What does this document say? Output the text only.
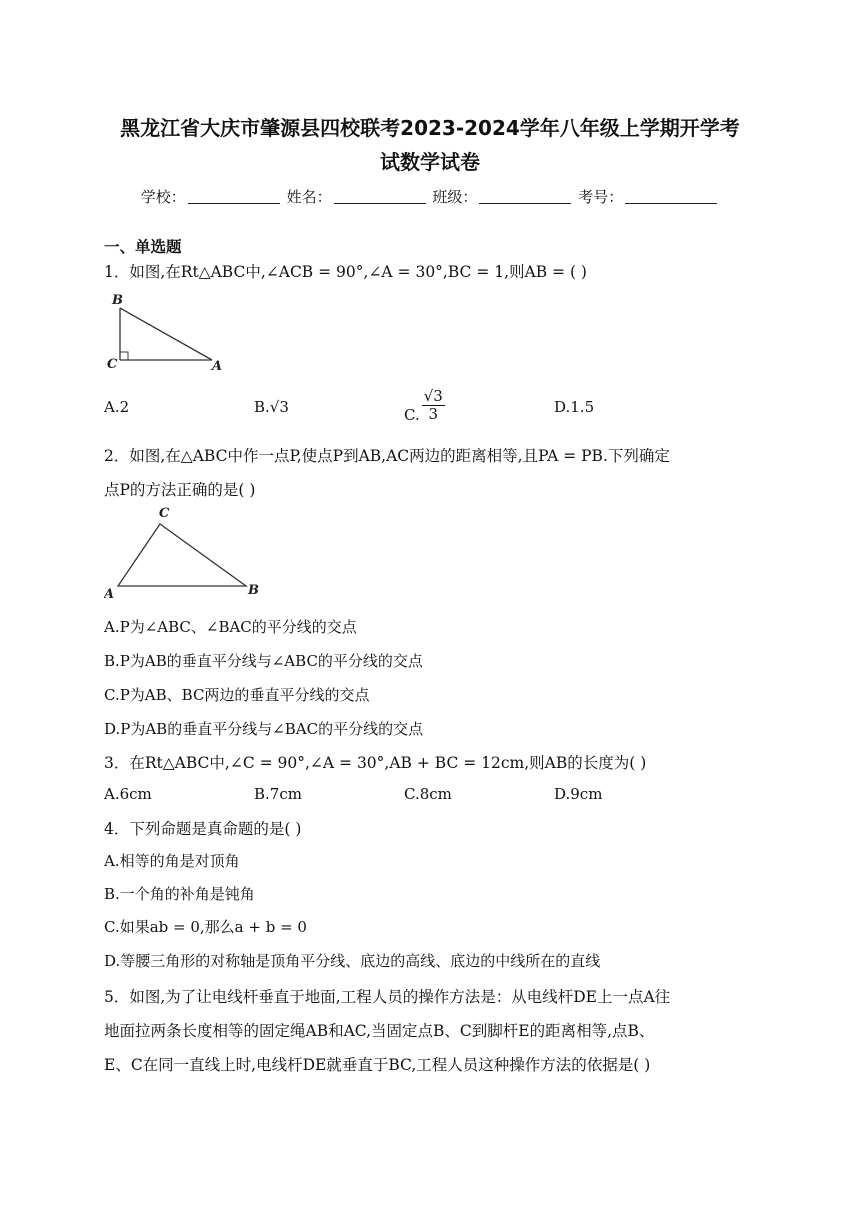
黑龙江省大庆市肇源县四校联考2023-2024学年八年级上学期开学考
试数学试卷
学校：	姓名：	班级：	考号：
一、单选题
1．如图,在Rt△ABC中,∠ACB = 90°,∠A = 30°,BC = 1,则AB = ( )
B
C	A
A.2	B.√3	C. $\frac{√3}{3}$	D.1.5
2．如图,在△ABC中作一点P,使点P到AB,AC两边的距离相等,且PA = PB.下列确定
点P的方法正确的是( )
C
A	B
A.P为∠ABC、∠BAC的平分线的交点
B.P为AB的垂直平分线与∠ABC的平分线的交点
C.P为AB、BC两边的垂直平分线的交点
D.P为AB的垂直平分线与∠BAC的平分线的交点
3．在Rt△ABC中,∠C = 90°,∠A = 30°,AB + BC = 12cm,则AB的长度为( )
A.6cm	B.7cm	C.8cm	D.9cm
4．下列命题是真命题的是( )
A.相等的角是对顶角
B.一个角的补角是钝角
C.如果ab = 0,那么a + b = 0
D.等腰三角形的对称轴是顶角平分线、底边的高线、底边的中线所在的直线
5．如图,为了让电线杆垂直于地面,工程人员的操作方法是：从电线杆DE上一点A往
地面拉两条长度相等的固定绳AB和AC,当固定点B、C到脚杆E的距离相等,点B、
E、C在同一直线上时,电线杆DE就垂直于BC,工程人员这种操作方法的依据是( )
